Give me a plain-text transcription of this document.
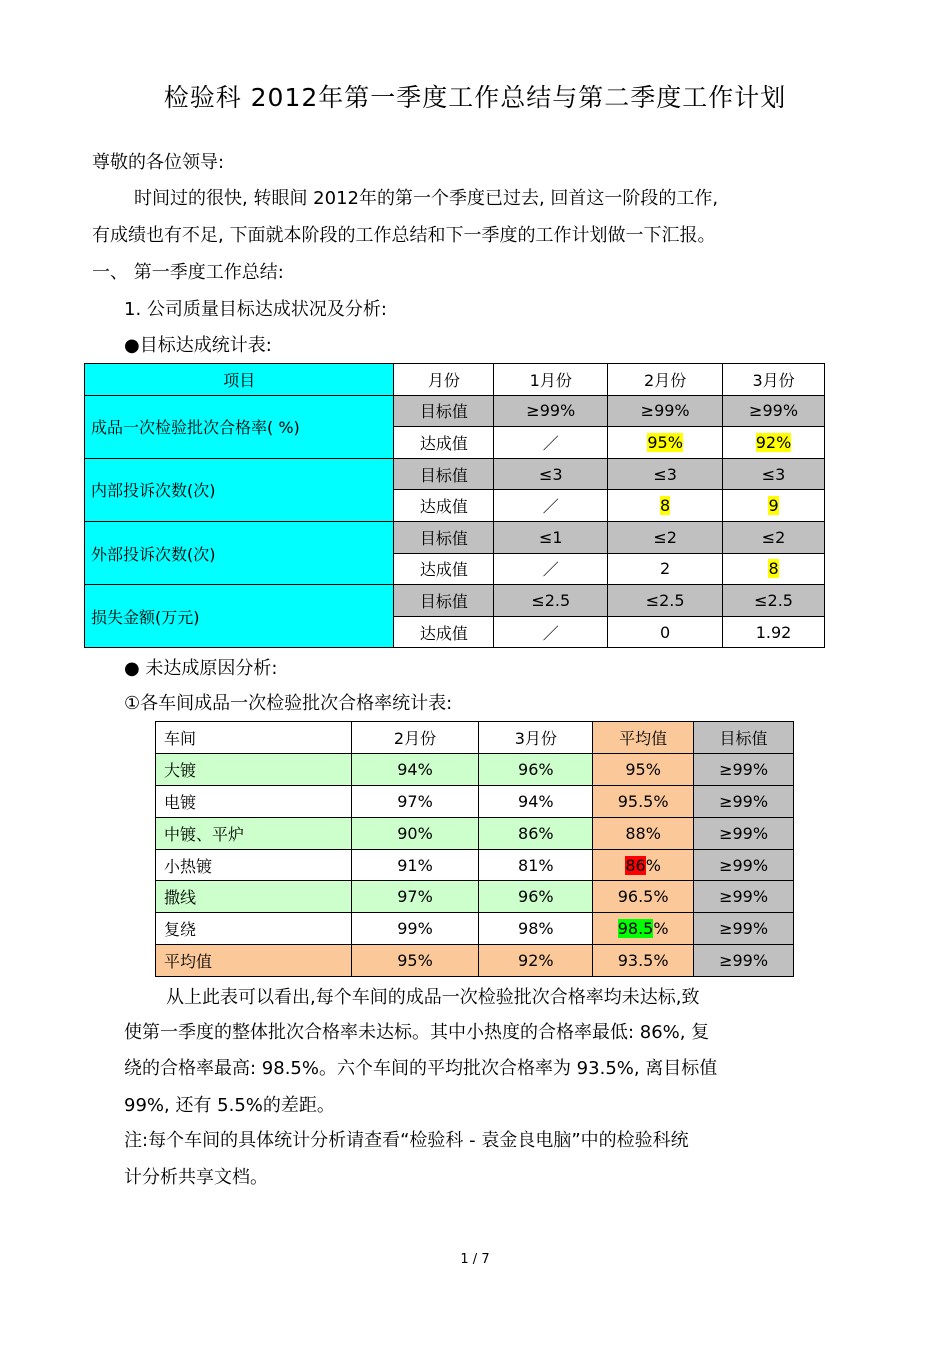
检验科 2012年第一季度工作总结与第二季度工作计划
尊敬的各位领导:
时间过的很快, 转眼间 2012年的第一个季度已过去, 回首这一阶段的工作,
有成绩也有不足, 下面就本阶段的工作总结和下一季度的工作计划做一下汇报。
一、 第一季度工作总结:
1. 公司质量目标达成状况及分析:
●目标达成统计表:
项目	月份	1月份	2月份	3月份
成品一次检验批次合格率( %)	目标值	≥99%	≥99%	≥99%
	达成值	／	95%	92%
内部投诉次数(次)	目标值	≤3	≤3	≤3
	达成值	／	8	9
外部投诉次数(次)	目标值	≤1	≤2	≤2
	达成值	／	2	8
损失金额(万元)	目标值	≤2.5	≤2.5	≤2.5
	达成值	／	0	1.92
● 未达成原因分析:
①各车间成品一次检验批次合格率统计表:
车间	2月份	3月份	平均值	目标值
大镀	94%	96%	95%	≥99%
电镀	97%	94%	95.5%	≥99%
中镀、平炉	90%	86%	88%	≥99%
小热镀	91%	81%	86%	≥99%
撒线	97%	96%	96.5%	≥99%
复绕	99%	98%	98.5%	≥99%
平均值	95%	92%	93.5%	≥99%
从上此表可以看出,每个车间的成品一次检验批次合格率均未达标,致
使第一季度的整体批次合格率未达标。其中小热度的合格率最低: 86%, 复
绕的合格率最高: 98.5%。六个车间的平均批次合格率为 93.5%, 离目标值
99%, 还有 5.5%的差距。
注:每个车间的具体统计分析请查看“检验科 - 袁金良电脑”中的检验科统
计分析共享文档。
1 / 7
